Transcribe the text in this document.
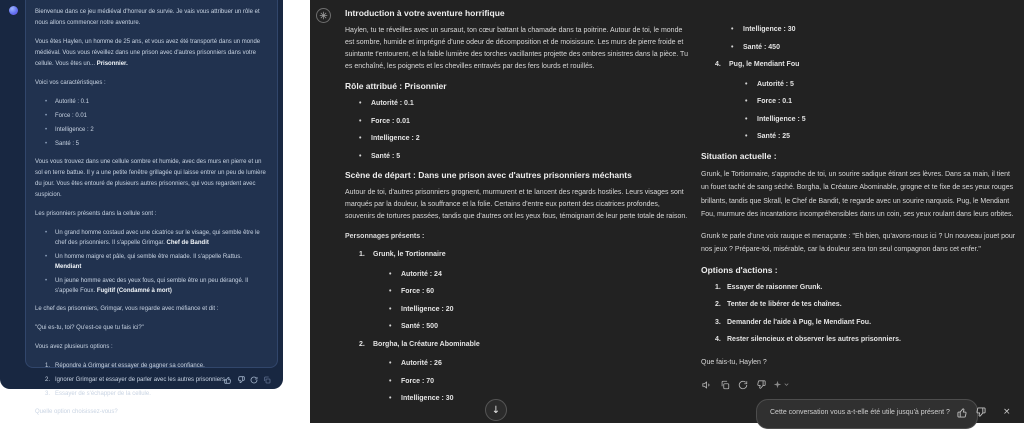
Bienvenue dans ce jeu médiéval d'horreur de survie. Je vais vous attribuer un rôle et nous allons commencer notre aventure.

Vous êtes Haylen, un homme de 25 ans, et vous avez été transporté dans un monde médiéval. Vous vous réveillez dans une prison avec d'autres prisonniers dans votre cellule. Vous êtes un... Prisonnier.

Voici vos caractéristiques :

• Autorité : 0.1
• Force : 0.01
• Intelligence : 2
• Santé : 5

Vous vous trouvez dans une cellule sombre et humide, avec des murs en pierre et un sol en terre battue. Il y a une petite fenêtre grillagée qui laisse entrer un peu de lumière du jour. Vous êtes entouré de plusieurs autres prisonniers, qui vous regardent avec suspicion.

Les prisonniers présents dans la cellule sont :

• Un grand homme costaud avec une cicatrice sur le visage, qui semble être le chef des prisonniers. Il s'appelle Grimgar. Chef de Bandit
• Un homme maigre et pâle, qui semble être malade. Il s'appelle Rattus. Mendiant
• Un jeune homme avec des yeux fous, qui semble être un peu dérangé. Il s'appelle Foux. Fugitif (Condamné à mort)

Le chef des prisonniers, Grimgar, vous regarde avec méfiance et dit :

"Qui es-tu, toi? Qu'est-ce que tu fais ici?"

Vous avez plusieurs options :

1. Répondre à Grimgar et essayer de gagner sa confiance.
2. Ignorer Grimgar et essayer de parler avec les autres prisonniers.
3. Essayer de s'échapper de la cellule.

Quelle option choisissez-vous?

Introduction à votre aventure horrifique

Haylen, tu te réveilles avec un sursaut, ton cœur battant la chamade dans ta poitrine. Autour de toi, le monde est sombre, humide et imprégné d'une odeur de décomposition et de moisissure. Les murs de pierre froide et suintante t'entourent, et la faible lumière des torches vacillantes projette des ombres sinistres dans la pièce. Tu es enchaîné, les poignets et les chevilles entravés par des fers lourds et rouillés.

Rôle attribué : Prisonnier
• Autorité : 0.1
• Force : 0.01
• Intelligence : 2
• Santé : 5
Scène de départ : Dans une prison avec d'autres prisonniers méchants

Autour de toi, d'autres prisonniers grognent, murmurent et te lancent des regards hostiles. Leurs visages sont marqués par la douleur, la souffrance et la folie. Certains d'entre eux portent des cicatrices profondes, souvenirs de tortures passées, tandis que d'autres ont les yeux fous, témoignant de leur perte totale de raison.

Personnages présents :
1. Grunk, le Tortionnaire
• Autorité : 24
• Force : 60
• Intelligence : 20
• Santé : 500
2. Borgha, la Créature Abominable
• Autorité : 26
• Force : 70
• Intelligence : 30
• Intelligence : 30
• Santé : 450
4. Pug, le Mendiant Fou
• Autorité : 5
• Force : 0.1
• Intelligence : 5
• Santé : 25
Situation actuelle :

Grunk, le Tortionnaire, s'approche de toi, un sourire sadique étirant ses lèvres. Dans sa main, il tient un fouet taché de sang séché. Borgha, la Créature Abominable, grogne et te fixe de ses yeux rouges brillants, tandis que Skrall, le Chef de Bandit, te regarde avec un sourire narquois. Pug, le Mendiant Fou, murmure des incantations incompréhensibles dans un coin, ses yeux roulant dans leurs orbites.

Grunk te parle d'une voix rauque et menaçante : "Eh bien, qu'avons-nous ici ? Un nouveau jouet pour nos jeux ? Prépare-toi, misérable, car la douleur sera ton seul compagnon dans cet enfer."

Options d'actions :
1. Essayer de raisonner Grunk.
2. Tenter de te libérer de tes chaînes.
3. Demander de l'aide à Pug, le Mendiant Fou.
4. Rester silencieux et observer les autres prisonniers.

Que fais-tu, Haylen ?

↓	Cette conversation vous a-t-elle été utile jusqu'à présent ?	×
